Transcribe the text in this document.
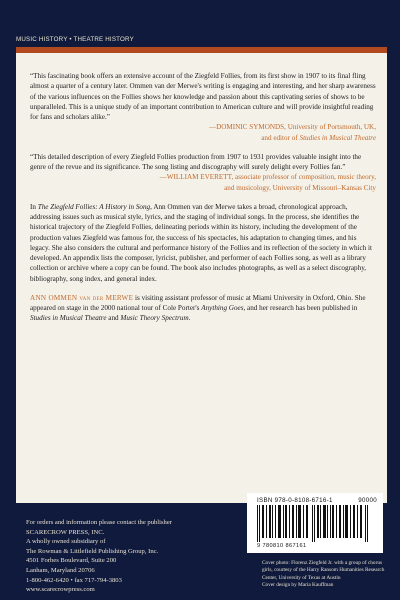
MUSIC HISTORY • THEATRE HISTORY

“This fascinating book offers an extensive account of the Ziegfeld Follies, from its first show in 1907 to its final fling almost a quarter of a century later. Ommen van der Merwe's writing is engaging and interesting, and her sharp awareness of the various influences on the Follies shows her knowledge and passion about this captivating series of shows to be unparalleled. This is a unique study of an important contribution to American culture and will provide insightful reading for fans and scholars alike.”

—DOMINIC SYMONDS, University of Portsmouth, UK,
and editor of Studies in Musical Theatre

“This detailed description of every Ziegfeld Follies production from 1907 to 1931 provides valuable insight into the genre of the revue and its significance. The song listing and discography will surely delight every Follies fan.”

—WILLIAM EVERETT, associate professor of composition, music theory,
and musicology, University of Missouri–Kansas City

In The Ziegfeld Follies: A History in Song, Ann Ommen van der Merwe takes a broad, chronological approach, addressing issues such as musical style, lyrics, and the staging of individual songs. In the process, she identifies the historical trajectory of the Ziegfeld Follies, delineating periods within its history, including the development of the production values Ziegfeld was famous for, the success of his spectacles, his adaptation to changing times, and his legacy. She also considers the cultural and performance history of the Follies and its reflection of the society in which it developed. An appendix lists the composer, lyricist, publisher, and performer of each Follies song, as well as a library collection or archive where a copy can be found. The book also includes photographs, as well as a select discography, bibliography, song index, and general index.

ANN OMMEN van der MERWE is visiting assistant professor of music at Miami University in Oxford, Ohio. She appeared on stage in the 2000 national tour of Cole Porter's Anything Goes, and her research has been published in Studies in Musical Theatre and Music Theory Spectrum.

For orders and information please contact the publisher
SCARECROW PRESS, INC.
A wholly owned subsidiary of
The Rowman & Littlefield Publishing Group, Inc.
4501 Forbes Boulevard, Suite 200
Lanham, Maryland 20706
1-800-462-6420 • fax 717-794-3803
www.scarecrowpress.com
ISBN 978-0-8108-6716-1	90000
9 780810 867161

Cover photo: Florenz Ziegfeld Jr. with a group of chorus girls, courtesy of the Harry Ransom Humanities Research Center, University of Texas at Austin

Cover design by Maria Kauffman
